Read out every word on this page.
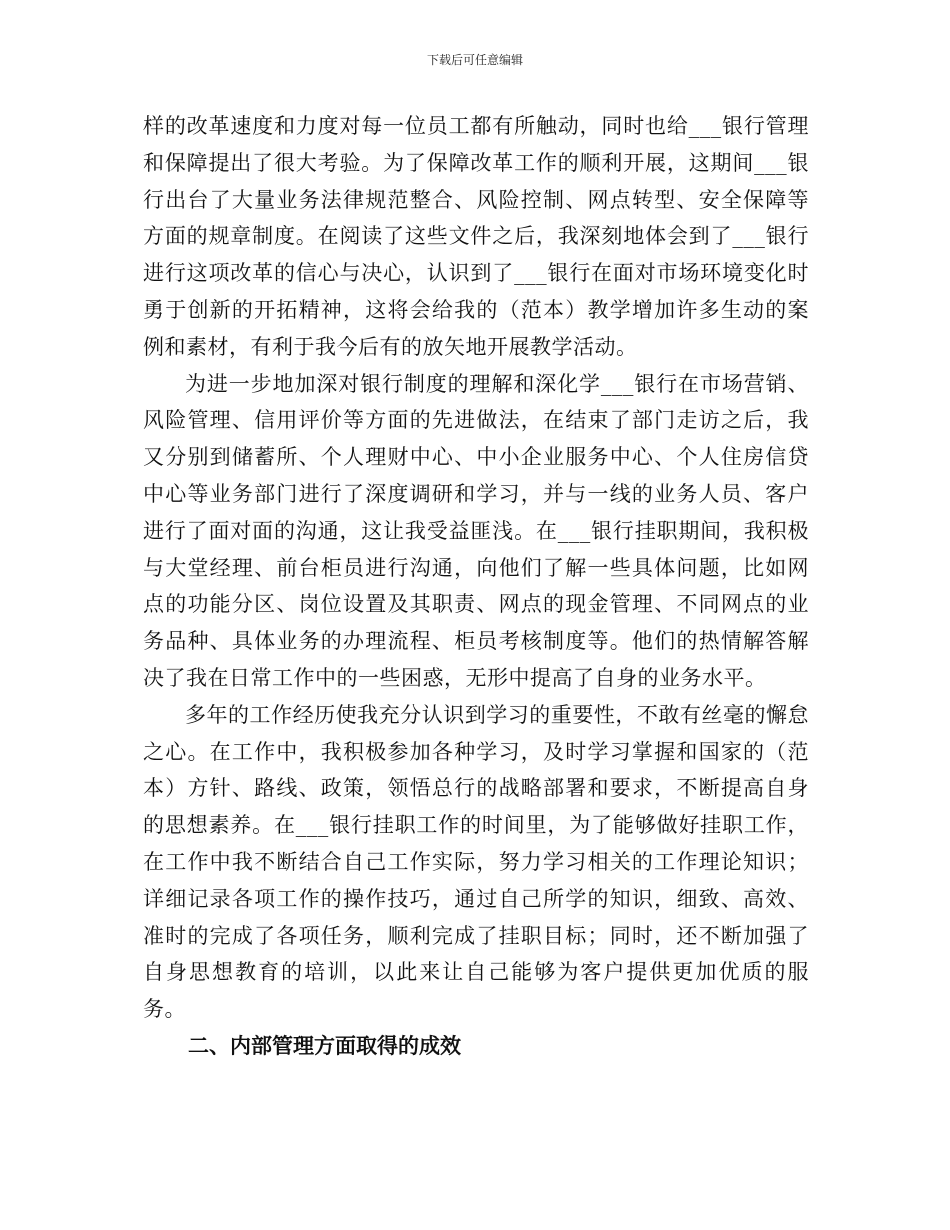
下载后可任意编辑

样的改革速度和力度对每一位员工都有所触动，同时也给___银行管理和保障提出了很大考验。为了保障改革工作的顺利开展，这期间___银行出台了大量业务法律规范整合、风险控制、网点转型、安全保障等方面的规章制度。在阅读了这些文件之后，我深刻地体会到了___银行进行这项改革的信心与决心，认识到了___银行在面对市场环境变化时勇于创新的开拓精神，这将会给我的（范本）教学增加许多生动的案例和素材，有利于我今后有的放矢地开展教学活动。

为进一步地加深对银行制度的理解和深化学___银行在市场营销、风险管理、信用评价等方面的先进做法，在结束了部门走访之后，我又分别到储蓄所、个人理财中心、中小企业服务中心、个人住房信贷中心等业务部门进行了深度调研和学习，并与一线的业务人员、客户进行了面对面的沟通，这让我受益匪浅。在___银行挂职期间，我积极与大堂经理、前台柜员进行沟通，向他们了解一些具体问题，比如网点的功能分区、岗位设置及其职责、网点的现金管理、不同网点的业务品种、具体业务的办理流程、柜员考核制度等。他们的热情解答解决了我在日常工作中的一些困惑，无形中提高了自身的业务水平。

多年的工作经历使我充分认识到学习的重要性，不敢有丝毫的懈怠之心。在工作中，我积极参加各种学习，及时学习掌握和国家的（范本）方针、路线、政策，领悟总行的战略部署和要求，不断提高自身的思想素养。在___银行挂职工作的时间里，为了能够做好挂职工作，在工作中我不断结合自己工作实际，努力学习相关的工作理论知识；详细记录各项工作的操作技巧，通过自己所学的知识，细致、高效、准时的完成了各项任务，顺利完成了挂职目标；同时，还不断加强了自身思想教育的培训，以此来让自己能够为客户提供更加优质的服务。

二、内部管理方面取得的成效
